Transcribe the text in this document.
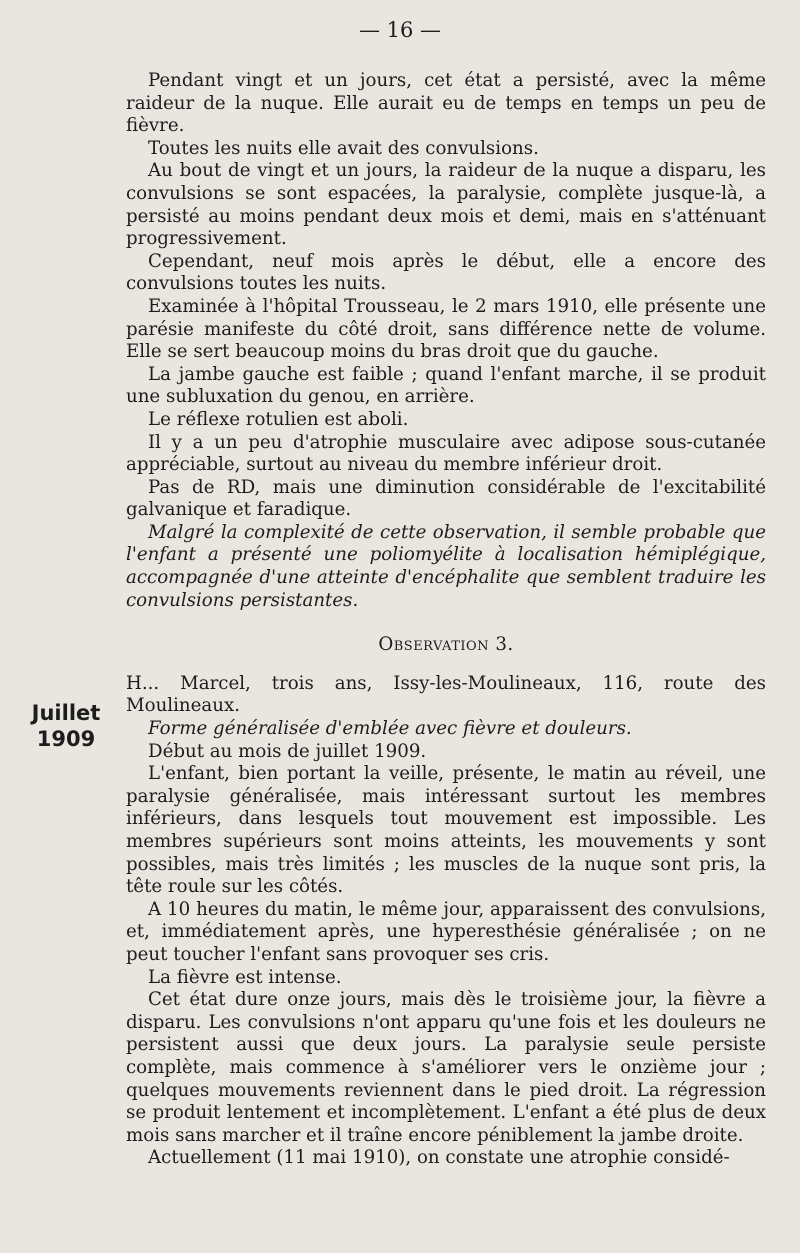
— 16 —
Juillet
1909

Pendant vingt et un jours, cet état a persisté, avec la même raideur de la nuque. Elle aurait eu de temps en temps un peu de fièvre.

Toutes les nuits elle avait des convulsions.

Au bout de vingt et un jours, la raideur de la nuque a disparu, les convulsions se sont espacées, la paralysie, complète jusque-là, a persisté au moins pendant deux mois et demi, mais en s'atténuant progressivement.

Cependant, neuf mois après le début, elle a encore des convulsions toutes les nuits.

Examinée à l'hôpital Trousseau, le 2 mars 1910, elle présente une parésie manifeste du côté droit, sans différence nette de volume. Elle se sert beaucoup moins du bras droit que du gauche.

La jambe gauche est faible ; quand l'enfant marche, il se produit une subluxation du genou, en arrière.

Le réflexe rotulien est aboli.

Il y a un peu d'atrophie musculaire avec adipose sous-cutanée appréciable, surtout au niveau du membre inférieur droit.

Pas de RD, mais une diminution considérable de l'excitabilité galvanique et faradique.

Malgré la complexité de cette observation, il semble probable que l'enfant a présenté une poliomyélite à localisation hémiplégique, accompagnée d'une atteinte d'encéphalite que semblent traduire les convulsions persistantes.

Observation 3.

H... Marcel, trois ans, Issy-les-Moulineaux, 116, route des Moulineaux.

Forme généralisée d'emblée avec fièvre et douleurs.

Début au mois de juillet 1909.

L'enfant, bien portant la veille, présente, le matin au réveil, une paralysie généralisée, mais intéressant surtout les membres inférieurs, dans lesquels tout mouvement est impossible. Les membres supérieurs sont moins atteints, les mouvements y sont possibles, mais très limités ; les muscles de la nuque sont pris, la tête roule sur les côtés.

A 10 heures du matin, le même jour, apparaissent des convulsions, et, immédiatement après, une hyperesthésie généralisée ; on ne peut toucher l'enfant sans provoquer ses cris.

La fièvre est intense.

Cet état dure onze jours, mais dès le troisième jour, la fièvre a disparu. Les convulsions n'ont apparu qu'une fois et les douleurs ne persistent aussi que deux jours. La paralysie seule persiste complète, mais commence à s'améliorer vers le onzième jour ; quelques mouvements reviennent dans le pied droit. La régression se produit lentement et incomplètement. L'enfant a été plus de deux mois sans marcher et il traîne encore péniblement la jambe droite.

Actuellement (11 mai 1910), on constate une atrophie considé-
